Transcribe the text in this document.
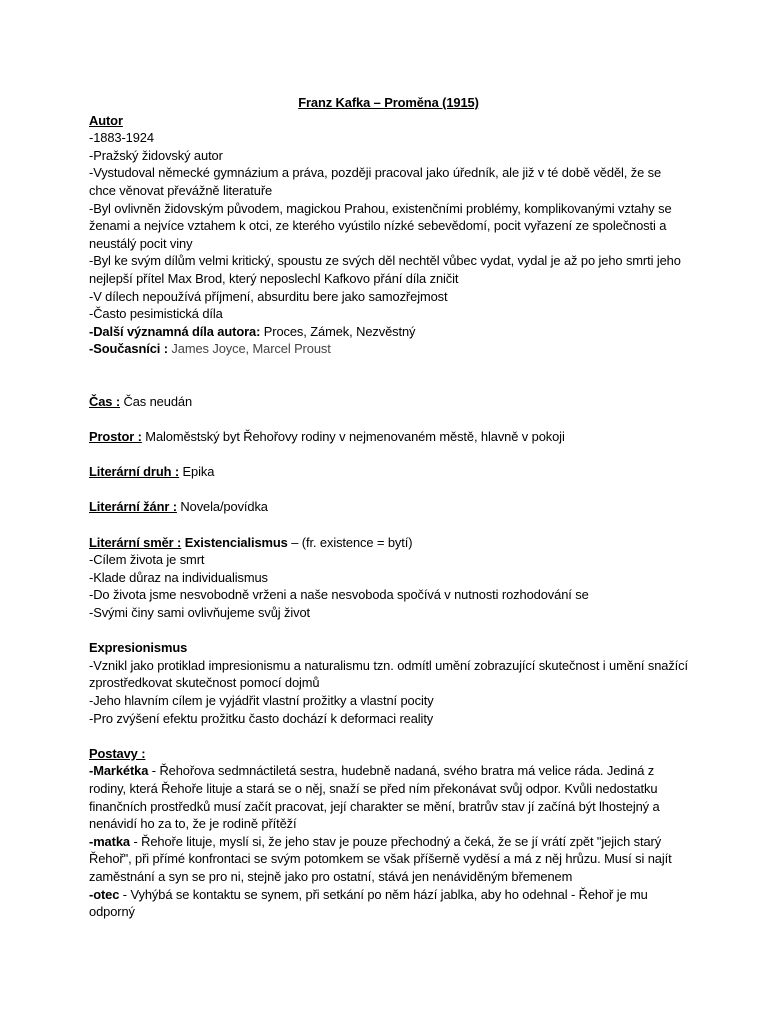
Franz Kafka – Proměna (1915)

Autor

-1883-1924

-Pražský židovský autor

-Vystudoval německé gymnázium a práva, později pracoval jako úředník, ale již v té době věděl, že se chce věnovat převážně literatuře

-Byl ovlivněn židovským původem, magickou Prahou, existenčními problémy, komplikovanými vztahy se ženami a nejvíce vztahem k otci, ze kterého vyústilo nízké sebevědomí, pocit vyřazení ze společnosti a neustálý pocit viny

-Byl ke svým dílům velmi kritický, spoustu ze svých děl nechtěl vůbec vydat, vydal je až po jeho smrti jeho nejlepší přítel Max Brod, který neposlechl Kafkovo přání díla zničit

-V dílech nepoužívá příjmení, absurditu bere jako samozřejmost

-Často pesimistická díla

-Další významná díla autora: Proces, Zámek, Nezvěstný

-Současníci : James Joyce, Marcel Proust

Čas : Čas neudán

Prostor : Maloměstský byt Řehořovy rodiny v nejmenovaném městě, hlavně v pokoji

Literární druh : Epika

Literární žánr : Novela/povídka

Literární směr : Existencialismus – (fr. existence = bytí)

-Cílem života je smrt

-Klade důraz na individualismus

-Do života jsme nesvobodně vrženi a naše nesvoboda spočívá v nutnosti rozhodování se

-Svými činy sami ovlivňujeme svůj život

Expresionismus

-Vznikl jako protiklad impresionismu a naturalismu tzn. odmítl umění zobrazující skutečnost i umění snažící zprostředkovat skutečnost pomocí dojmů

-Jeho hlavním cílem je vyjádřit vlastní prožitky a vlastní pocity

-Pro zvýšení efektu prožitku často dochází k deformaci reality

Postavy :

-Markétka - Řehořova sedmnáctiletá sestra, hudebně nadaná, svého bratra má velice ráda. Jediná z rodiny, která Řehoře lituje a stará se o něj, snaží se před ním překonávat svůj odpor. Kvůli nedostatku finančních prostředků musí začít pracovat, její charakter se mění, bratrův stav jí začíná být lhostejný a nenávidí ho za to, že je rodině přítěží

-matka - Řehoře lituje, myslí si, že jeho stav je pouze přechodný a čeká, že se jí vrátí zpět "jejich starý Řehoř", při přímé konfrontaci se svým potomkem se však příšerně vyděsí a má z něj hrůzu. Musí si najít zaměstnání a syn se pro ni, stejně jako pro ostatní, stává jen nenáviděným břemenem

-otec - Vyhýbá se kontaktu se synem, při setkání po něm hází jablka, aby ho odehnal - Řehoř je mu odporný
